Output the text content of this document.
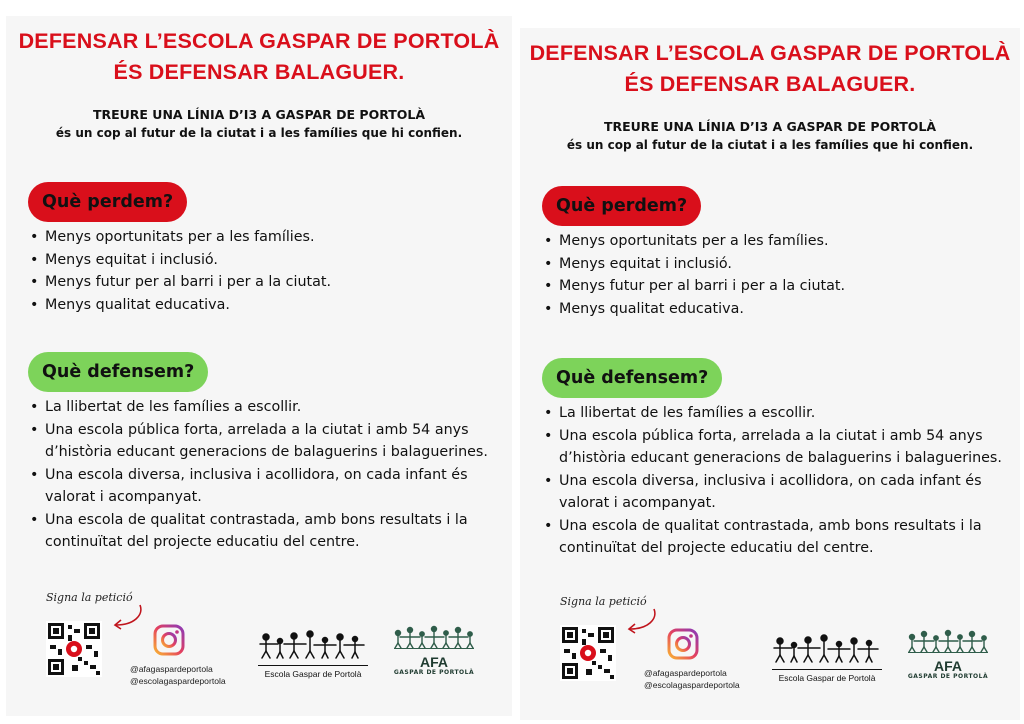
DEFENSAR L’ESCOLA GASPAR DE PORTOLÀ
ÉS DEFENSAR BALAGUER.
TREURE UNA LÍNIA D’I3 A GASPAR DE PORTOLÀ
és un cop al futur de la ciutat i a les famílies que hi confien.
Què perdem?
• Menys oportunitats per a les famílies.
• Menys equitat i inclusió.
• Menys futur per al barri i per a la ciutat.
• Menys qualitat educativa.
Què defensem?
• La llibertat de les famílies a escollir.
• Una escola pública forta, arrelada a la ciutat i amb 54 anys d’història educant generacions de balaguerins i balaguerines.
• Una escola diversa, inclusiva i acollidora, on cada infant és valorat i acompanyat.
• Una escola de qualitat contrastada, amb bons resultats i la continuïtat del projecte educatiu del centre.
Signa la petició
@afagaspardeportola
@escolagaspardeportola
Escola Gaspar de Portolà
AFA
GASPAR DE PORTOLÀ
DEFENSAR L’ESCOLA GASPAR DE PORTOLÀ
ÉS DEFENSAR BALAGUER.
TREURE UNA LÍNIA D’I3 A GASPAR DE PORTOLÀ
és un cop al futur de la ciutat i a les famílies que hi confien.
Què perdem?
• Menys oportunitats per a les famílies.
• Menys equitat i inclusió.
• Menys futur per al barri i per a la ciutat.
• Menys qualitat educativa.
Què defensem?
• La llibertat de les famílies a escollir.
• Una escola pública forta, arrelada a la ciutat i amb 54 anys d’història educant generacions de balaguerins i balaguerines.
• Una escola diversa, inclusiva i acollidora, on cada infant és valorat i acompanyat.
• Una escola de qualitat contrastada, amb bons resultats i la continuïtat del projecte educatiu del centre.
Signa la petició
@afagaspardeportola
@escolagaspardeportola
Escola Gaspar de Portolà
AFA
GASPAR DE PORTOLÀ
